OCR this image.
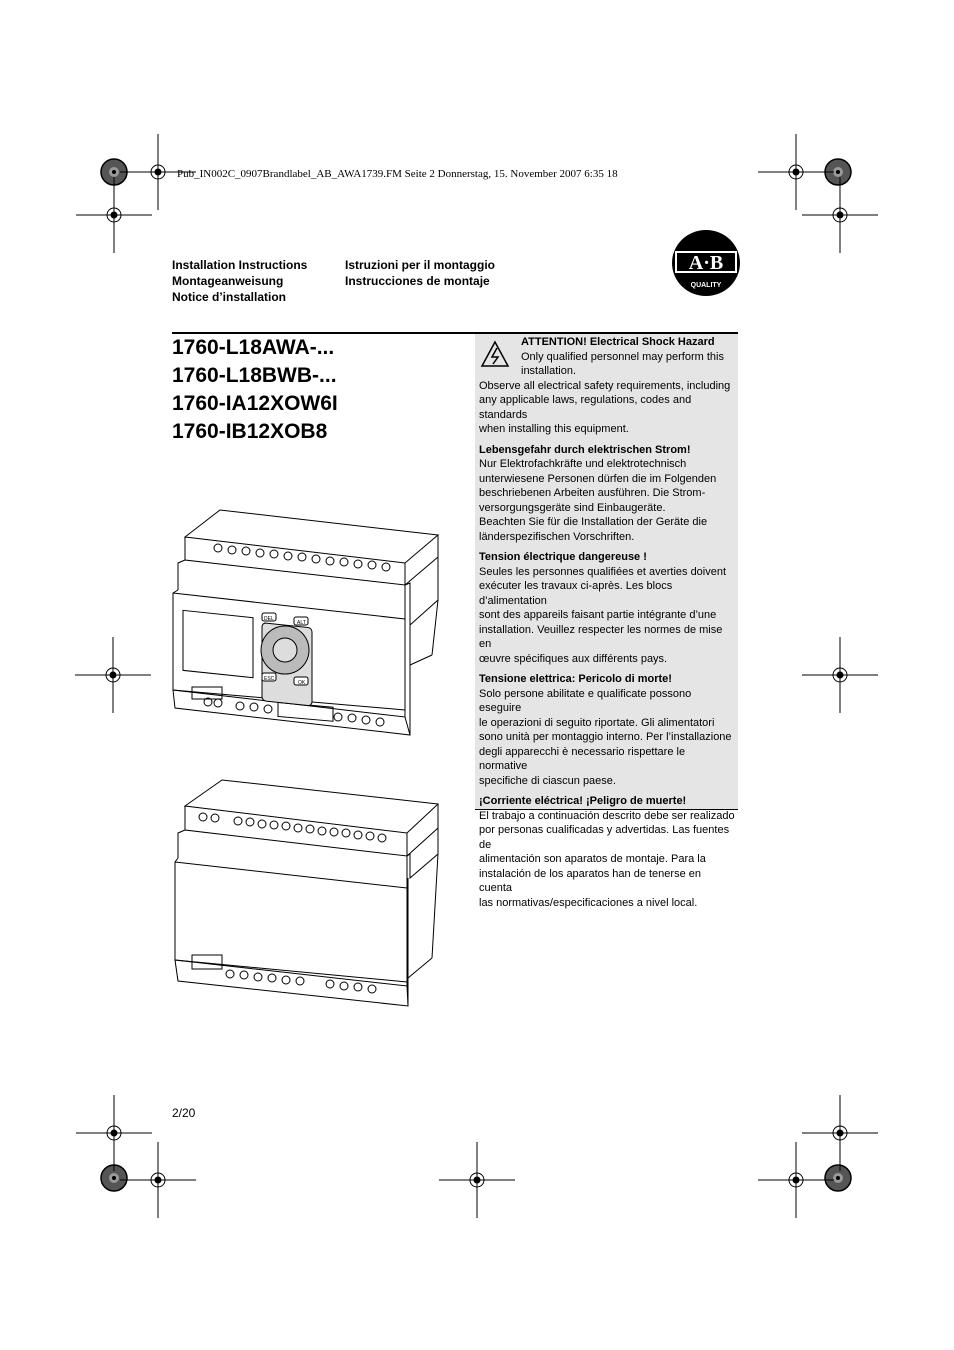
Pub_IN002C_0907Brandlabel_AB_AWA1739.FM Seite 2 Donnerstag, 15. November 2007 6:35 18
Installation Instructions
Montageanweisung
Notice d’installation
Istruzioni per il montaggio
Instrucciones de montaje
A·B
QUALITY
1760-L18AWA-...
1760-L18BWB-...
1760-IA12XOW6I
1760-IB12XOB8
ATTENTION! Electrical Shock Hazard
Only qualified personnel may perform this
installation.
Observe all electrical safety requirements, including
any applicable laws, regulations, codes and standards
when installing this equipment.
Lebensgefahr durch elektrischen Strom!
Nur Elektrofachkräfte und elektrotechnisch
unterwiesene Personen dürfen die im Folgenden
beschriebenen Arbeiten ausführen. Die Strom-
versorgungsgeräte sind Einbaugeräte.
Beachten Sie für die Installation der Geräte die
länderspezifischen Vorschriften.
Tension électrique dangereuse !
Seules les personnes qualifiées et averties doivent
exécuter les travaux ci-après. Les blocs d’alimentation
sont des appareils faisant partie intégrante d’une
installation. Veuillez respecter les normes de mise en
œuvre spécifiques aux différents pays.
Tensione elettrica: Pericolo di morte!
Solo persone abilitate e qualificate possono eseguire
le operazioni di seguito riportate. Gli alimentatori
sono unità per montaggio interno. Per l’installazione
degli apparecchi è necessario rispettare le normative
specifiche di ciascun paese.
¡Corriente eléctrica! ¡Peligro de muerte!
El trabajo a continuación descrito debe ser realizado
por personas cualificadas y advertidas. Las fuentes de
alimentación son aparatos de montaje. Para la
instalación de los aparatos han de tenerse en cuenta
las normativas/especificaciones a nivel local.
DEL
ALT
ESC
OK
2/20
